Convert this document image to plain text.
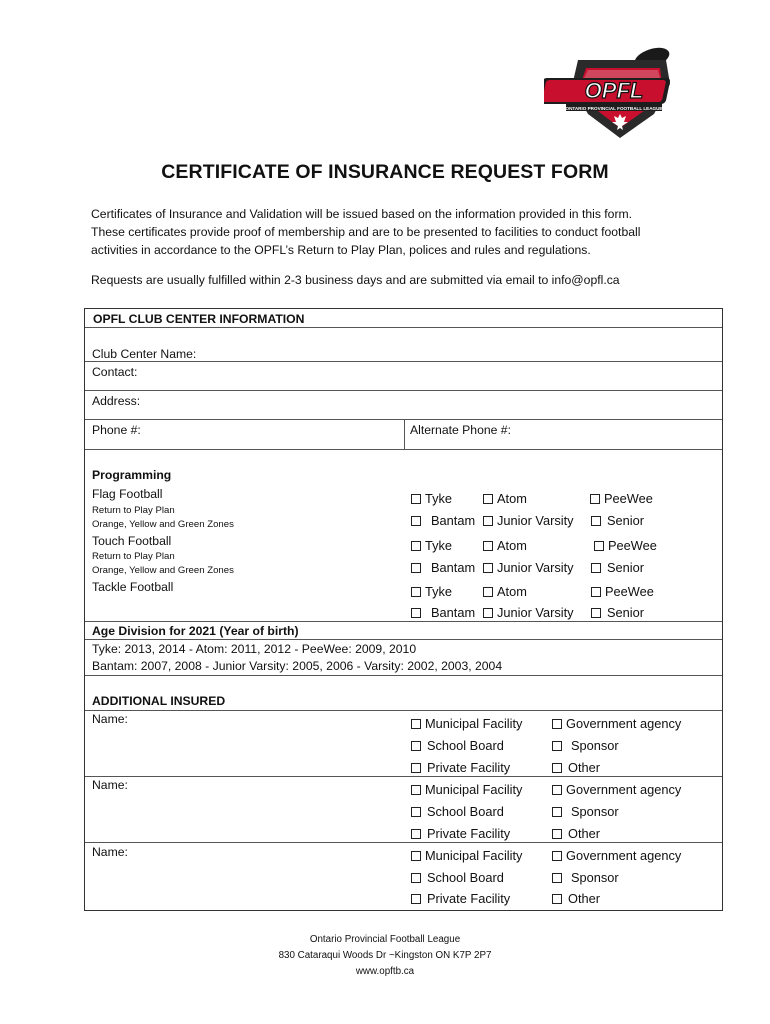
OPFL
ONTARIO PROVINCIAL FOOTBALL LEAGUE
CERTIFICATE OF INSURANCE REQUEST FORM
Certificates of Insurance and Validation will be issued based on the information provided in this form.
These certificates provide proof of membership and are to be presented to facilities to conduct football
activities in accordance to the OPFL’s Return to Play Plan, polices and rules and regulations.
Requests are usually fulfilled within 2-3 business days and are submitted via email to info@opfl.ca
OPFL CLUB CENTER INFORMATION
Club Center Name:
Contact:
Address:
Phone #:	Alternate Phone #:
Programming
Flag Football
Return to Play Plan
Orange, Yellow and Green Zones
Tyke	Atom	PeeWee
Bantam	Junior Varsity	Senior
Touch Football
Return to Play Plan
Orange, Yellow and Green Zones
Tyke	Atom	PeeWee
Bantam	Junior Varsity	Senior
Tackle Football	Tyke	Atom	PeeWee
Bantam	Junior Varsity	Senior
Age Division for 2021 (Year of birth)
Tyke: 2013, 2014 - Atom: 2011, 2012 - PeeWee: 2009, 2010
Bantam: 2007, 2008 - Junior Varsity: 2005, 2006 - Varsity: 2002, 2003, 2004
ADDITIONAL INSURED
Name:	Municipal Facility	Government agency
School Board	Sponsor
Private Facility	Other
Name:	Municipal Facility	Government agency
School Board	Sponsor
Private Facility	Other
Name:	Municipal Facility	Government agency
School Board	Sponsor
Private Facility	Other
Ontario Provincial Football League
830 Cataraqui Woods Dr ~Kingston ON K7P 2P7
www.opftb.ca
